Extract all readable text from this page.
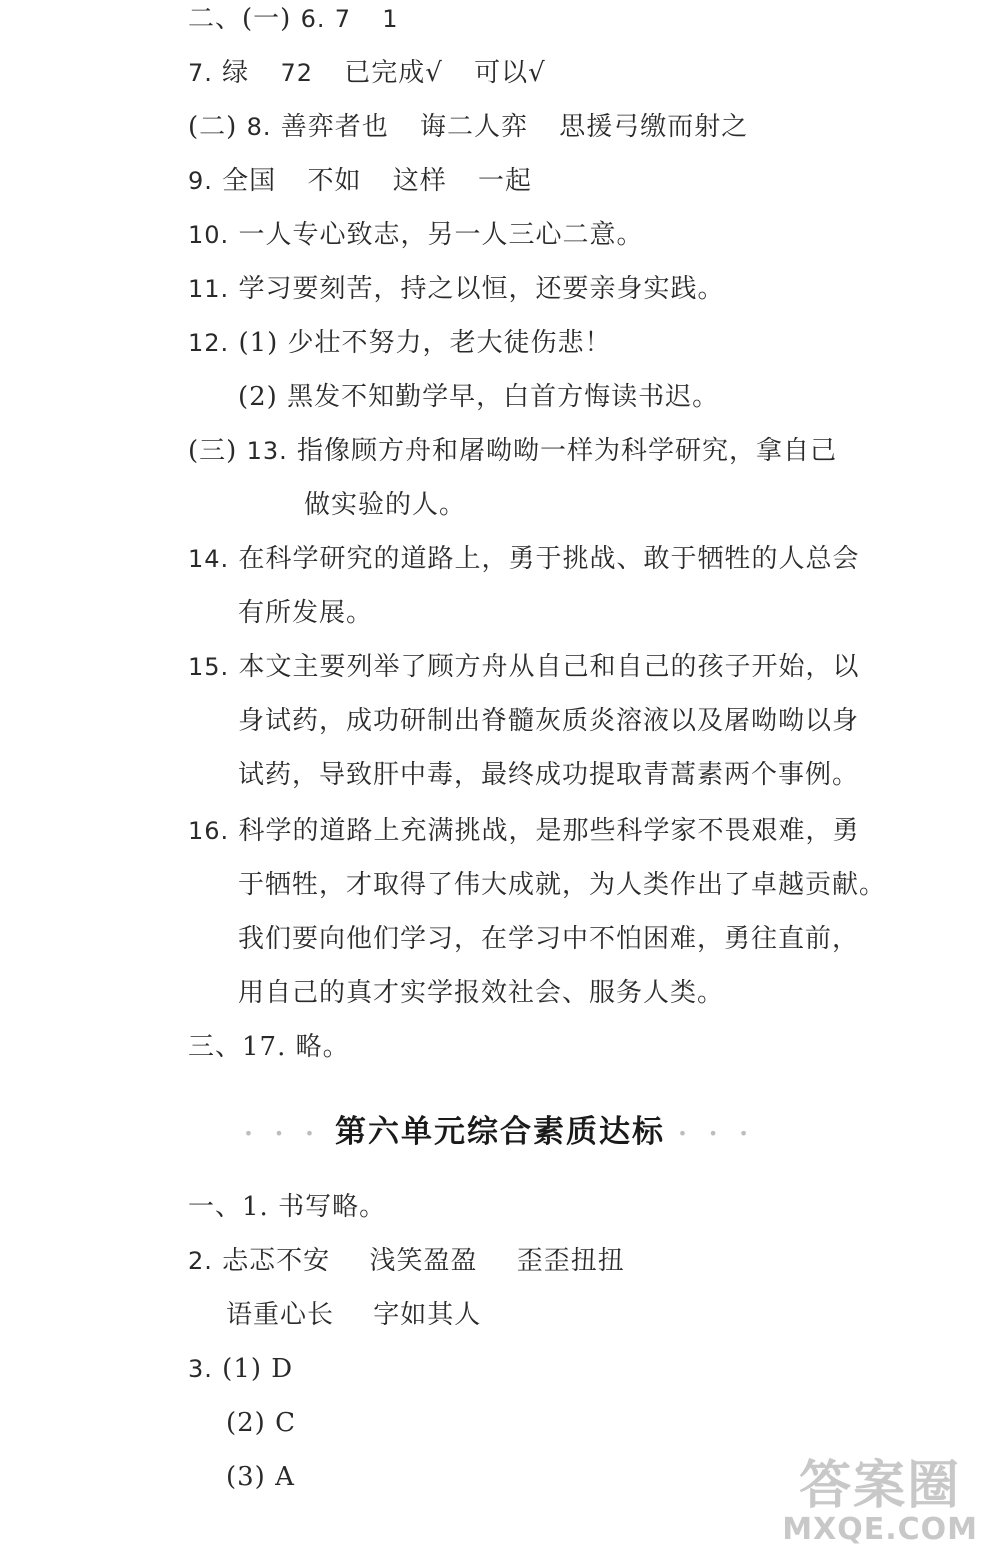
二、(一) 6. 7 1
7. 绿 72 已完成√ 可以√
(二) 8. 善弈者也 诲二人弈 思援弓缴而射之
9. 全国 不如 这样 一起
10. 一人专心致志，另一人三心二意。
11. 学习要刻苦，持之以恒，还要亲身实践。
12. (1) 少壮不努力，老大徒伤悲！
(2) 黑发不知勤学早，白首方悔读书迟。
(三) 13. 指像顾方舟和屠呦呦一样为科学研究，拿自己
做实验的人。
14. 在科学研究的道路上，勇于挑战、敢于牺牲的人总会
有所发展。
15. 本文主要列举了顾方舟从自己和自己的孩子开始，以
身试药，成功研制出脊髓灰质炎溶液以及屠呦呦以身
试药，导致肝中毒，最终成功提取青蒿素两个事例。
16. 科学的道路上充满挑战，是那些科学家不畏艰难，勇
于牺牲，才取得了伟大成就，为人类作出了卓越贡献。
我们要向他们学习，在学习中不怕困难，勇往直前，
用自己的真才实学报效社会、服务人类。
三、17. 略。
• • • 第六单元综合素质达标 • • •
一、1. 书写略。
2. 忐忑不安 浅笑盈盈 歪歪扭扭
语重心长 字如其人
3. (1) D
(2) C
(3) A	答案圈
MXQE.COM
